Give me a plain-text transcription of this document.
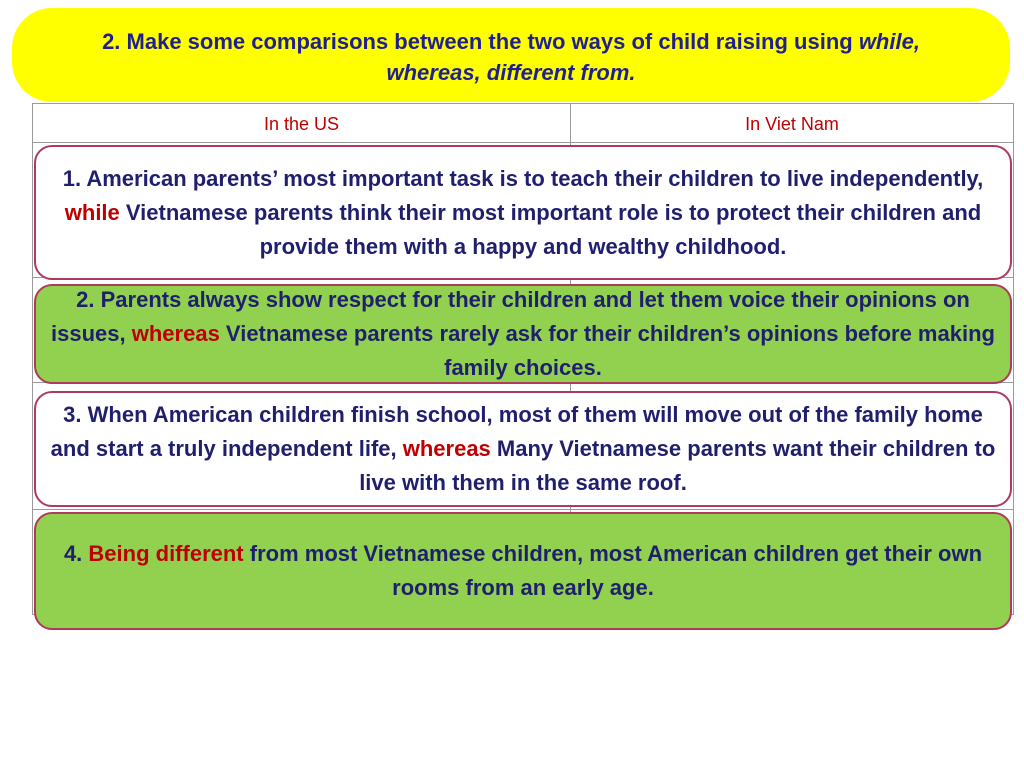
2. Make some comparisons between the two ways of child raising using while, whereas, different from.
In the US	In Viet Nam
1. American parents’ most important task is to teach their children to live independently, while Vietnamese parents think their most important role is to protect their children and provide them with a happy and wealthy childhood.
2. Parents always show respect for their children and let them voice their opinions on issues, whereas Vietnamese parents rarely ask for their children’s opinions before making family choices.
3. When American children finish school, most of them will move out of the family home and start a truly independent life, whereas Many Vietnamese parents want their children to live with them in the same roof.
4. Being different from most Vietnamese children, most American children get their own rooms from an early age.
